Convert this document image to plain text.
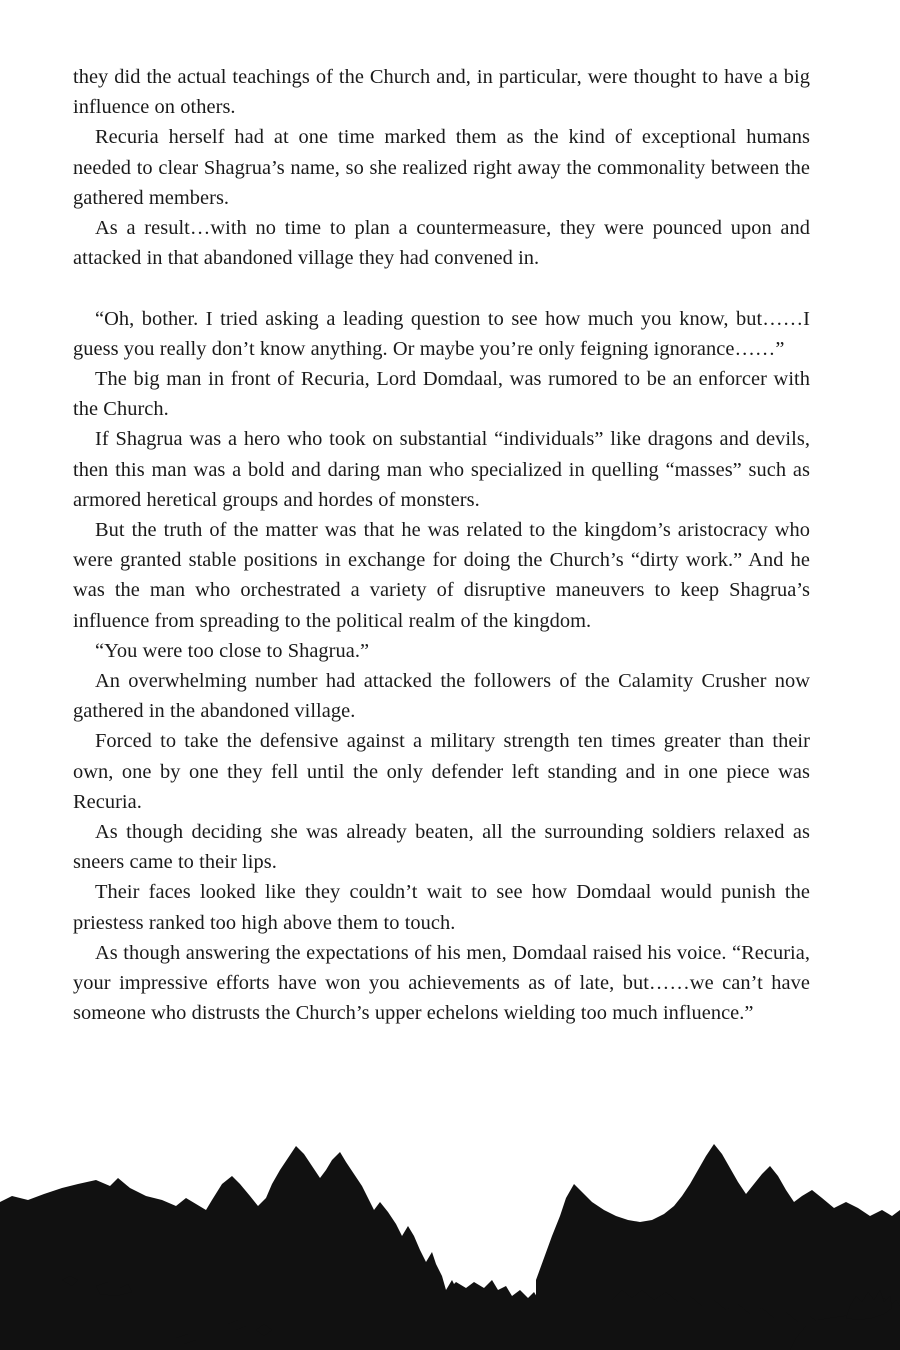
they did the actual teachings of the Church and, in particular, were thought to have a big influence on others.

Recuria herself had at one time marked them as the kind of exceptional humans needed to clear Shagrua’s name, so she realized right away the commonality between the gathered members.

As a result…with no time to plan a countermeasure, they were pounced upon and attacked in that abandoned village they had convened in.

“Oh, bother. I tried asking a leading question to see how much you know, but……I guess you really don’t know anything. Or maybe you’re only feigning ignorance……”

The big man in front of Recuria, Lord Domdaal, was rumored to be an enforcer with the Church.

If Shagrua was a hero who took on substantial “individuals” like dragons and devils, then this man was a bold and daring man who specialized in quelling “masses” such as armored heretical groups and hordes of monsters.

But the truth of the matter was that he was related to the kingdom’s aristocracy who were granted stable positions in exchange for doing the Church’s “dirty work.” And he was the man who orchestrated a variety of disruptive maneuvers to keep Shagrua’s influence from spreading to the political realm of the kingdom.

“You were too close to Shagrua.”

An overwhelming number had attacked the followers of the Calamity Crusher now gathered in the abandoned village.

Forced to take the defensive against a military strength ten times greater than their own, one by one they fell until the only defender left standing and in one piece was Recuria.

As though deciding she was already beaten, all the surrounding soldiers relaxed as sneers came to their lips.

Their faces looked like they couldn’t wait to see how Domdaal would punish the priestess ranked too high above them to touch.

As though answering the expectations of his men, Domdaal raised his voice. “Recuria, your impressive efforts have won you achievements as of late, but……we can’t have someone who distrusts the Church’s upper echelons wielding too much influence.”
